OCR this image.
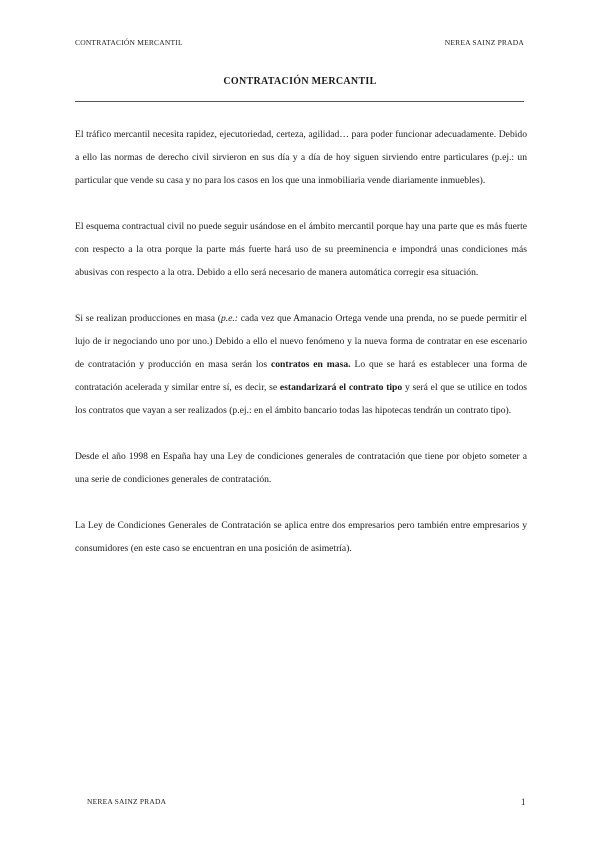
CONTRATACIÓN MERCANTIL	NEREA SAINZ PRADA
CONTRATACIÓN MERCANTIL

El tráfico mercantil necesita rapidez, ejecutoriedad, certeza, agilidad… para poder funcionar adecuadamente. Debido a ello las normas de derecho civil sirvieron en sus día y a día de hoy siguen sirviendo entre particulares (p.ej.: un particular que vende su casa y no para los casos en los que una inmobiliaria vende diariamente inmuebles).

El esquema contractual civil no puede seguir usándose en el ámbito mercantil porque hay una parte que es más fuerte con respecto a la otra porque la parte más fuerte hará uso de su preeminencia e impondrá unas condiciones más abusivas con respecto a la otra. Debido a ello será necesario de manera automática corregir esa situación.

Si se realizan producciones en masa (p.e.: cada vez que Amanacio Ortega vende una prenda, no se puede permitir el lujo de ir negociando uno por uno.) Debido a ello el nuevo fenómeno y la nueva forma de contratar en ese escenario de contratación y producción en masa serán los contratos en masa. Lo que se hará es establecer una forma de contratación acelerada y similar entre sí, es decir, se estandarizará el contrato tipo y será el que se utilice en todos los contratos que vayan a ser realizados (p.ej.: en el ámbito bancario todas las hipotecas tendrán un contrato tipo).

Desde el año 1998 en España hay una Ley de condiciones generales de contratación que tiene por objeto someter a una serie de condiciones generales de contratación.

La Ley de Condiciones Generales de Contratación se aplica entre dos empresarios pero también entre empresarios y consumidores (en este caso se encuentran en una posición de asimetría).

NEREA SAINZ PRADA	1
